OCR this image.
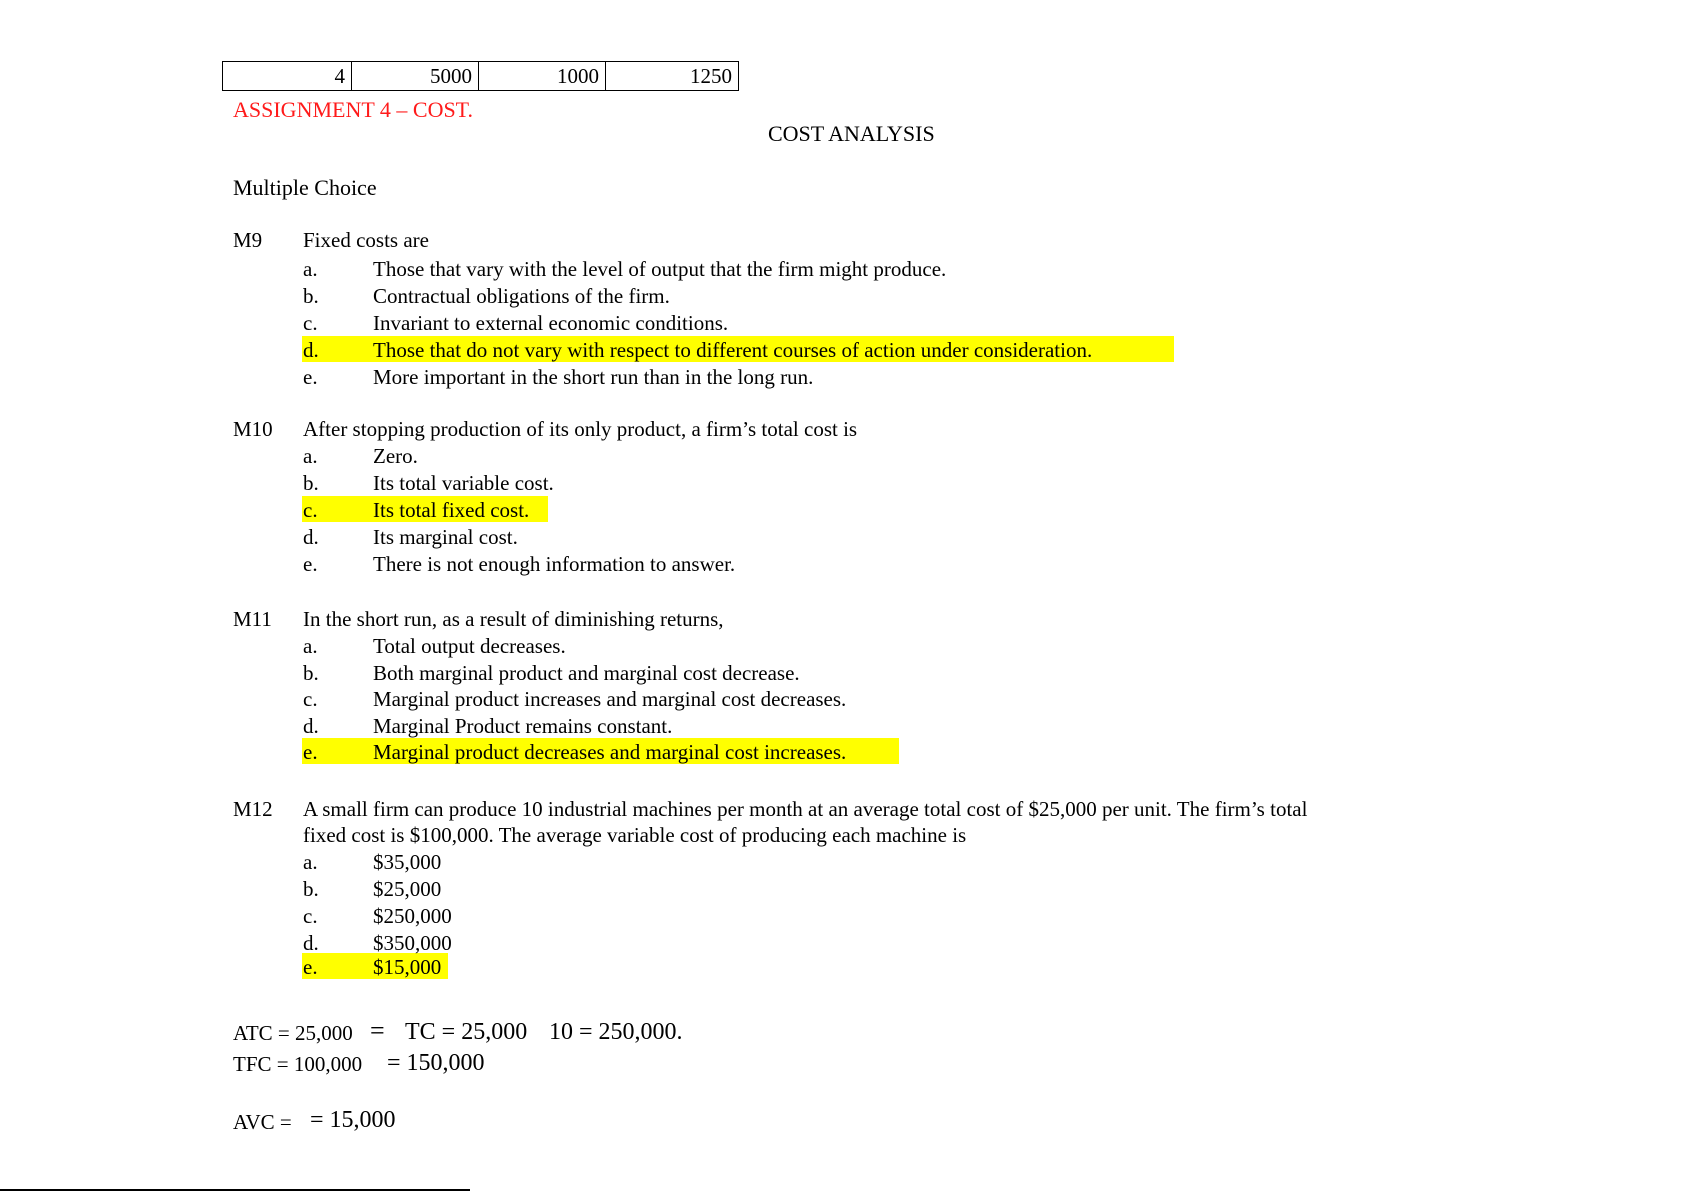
4	5000	1000	1250
ASSIGNMENT 4 – COST.
COST ANALYSIS
Multiple Choice
M9 Fixed costs are
a.	Those that vary with the level of output that the firm might produce.
b.	Contractual obligations of the firm.
c.	Invariant to external economic conditions.
d.	Those that do not vary with respect to different courses of action under consideration.
e.	More important in the short run than in the long run.
M10 After stopping production of its only product, a firm’s total cost is
a.	Zero.
b.	Its total variable cost.
c.	Its total fixed cost.
d.	Its marginal cost.
e.	There is not enough information to answer.
M11 In the short run, as a result of diminishing returns,
a.	Total output decreases.
b.	Both marginal product and marginal cost decrease.
c.	Marginal product increases and marginal cost decreases.
d.	Marginal Product remains constant.
e.	Marginal product decreases and marginal cost increases.
M12 A small firm can produce 10 industrial machines per month at an average total cost of $25,000 per unit. The firm’s total
fixed cost is $100,000. The average variable cost of producing each machine is
a.	$35,000
b.	$25,000
c.	$250,000
d.	$350,000
e.	$15,000
ATC = 25,000 = TC = 25,000 10 = 250,000.
TFC = 100,000 = 150,000
AVC = = 15,000
